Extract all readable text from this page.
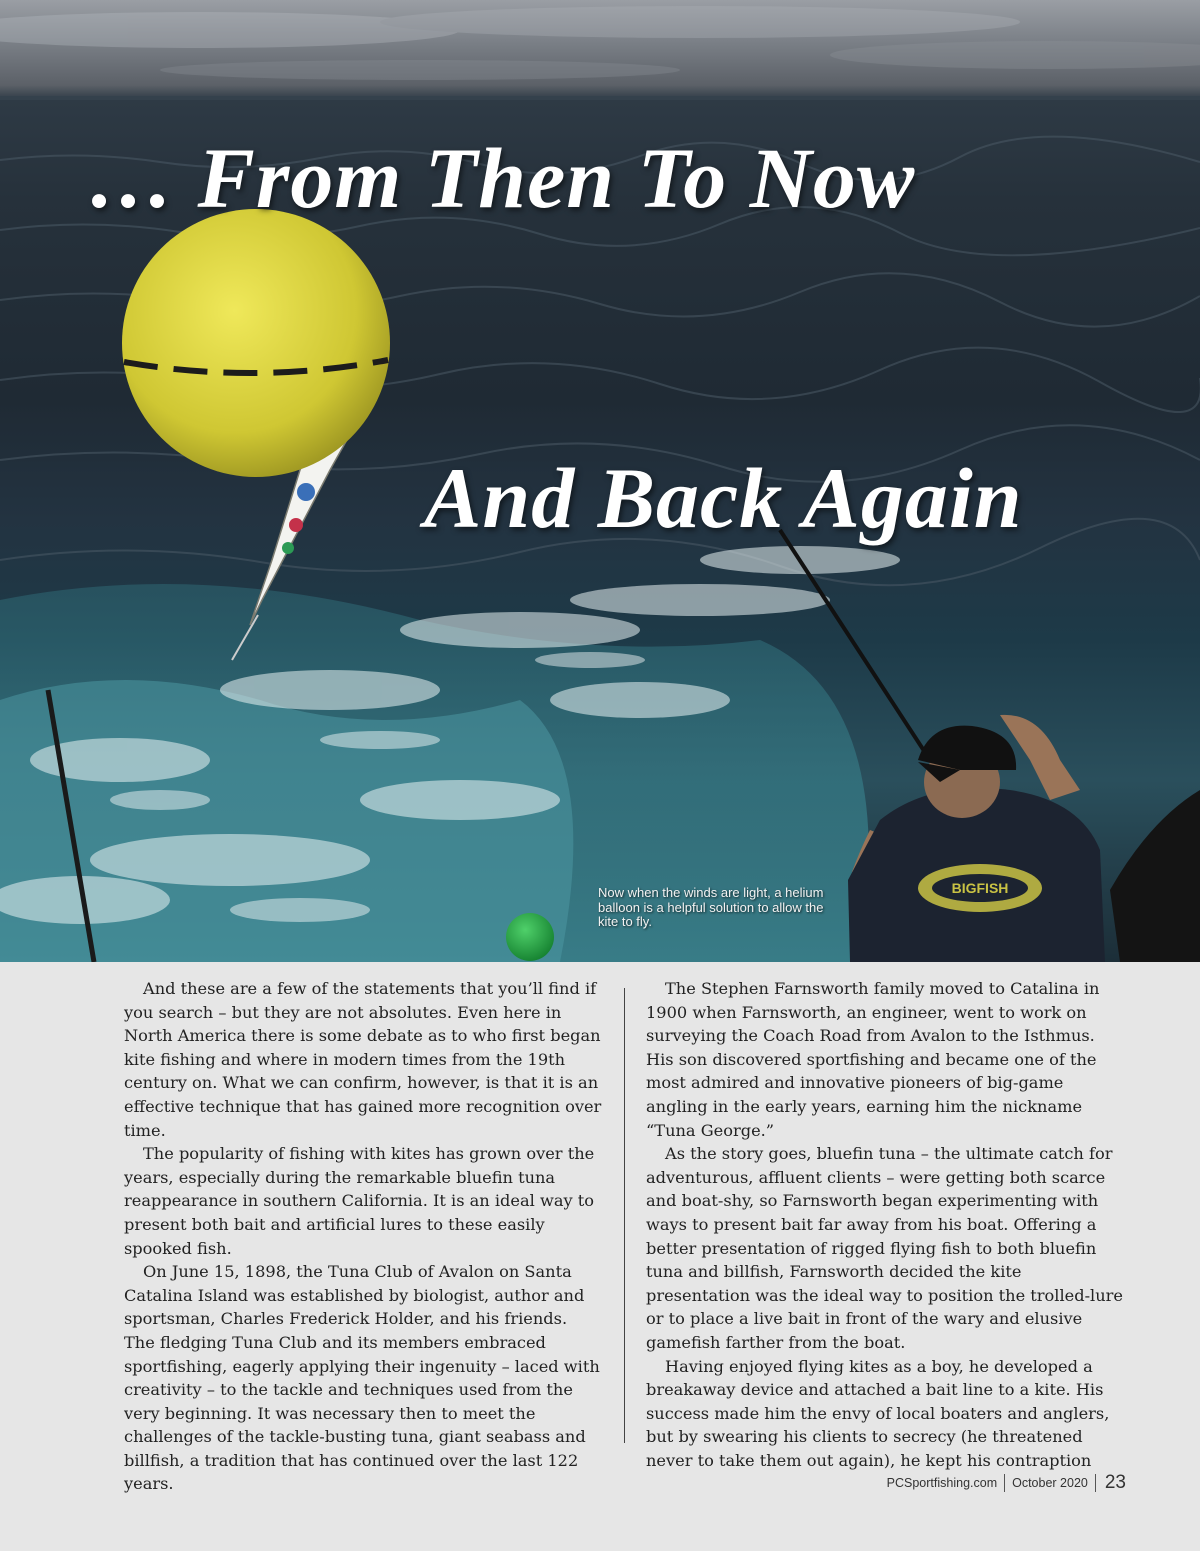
BIGFISH
… From Then To Now
And Back Again
Now when the winds are light, a helium balloon is a helpful solution to allow the kite to fly.

And these are a few of the statements that you’ll find if you search – but they are not absolutes. Even here in North America there is some debate as to who first began kite fishing and where in modern times from the 19th century on. What we can confirm, however, is that it is an effective technique that has gained more recognition over time.

The popularity of fishing with kites has grown over the years, especially during the remarkable bluefin tuna reappearance in southern California. It is an ideal way to present both bait and artificial lures to these easily spooked fish.

On June 15, 1898, the Tuna Club of Avalon on Santa Catalina Island was established by biologist, author and sportsman, Charles Frederick Holder, and his friends. The fledging Tuna Club and its members embraced sportfishing, eagerly applying their ingenuity – laced with creativity – to the tackle and techniques used from the very beginning. It was necessary then to meet the challenges of the tackle-busting tuna, giant seabass and billfish, a tradition that has continued over the last 122 years.

The Stephen Farnsworth family moved to Catalina in 1900 when Farnsworth, an engineer, went to work on surveying the Coach Road from Avalon to the Isthmus. His son discovered sportfishing and became one of the most admired and innovative pioneers of big-game angling in the early years, earning him the nickname “Tuna George.”

As the story goes, bluefin tuna – the ultimate catch for adventurous, affluent clients – were getting both scarce and boat-shy, so Farnsworth began experimenting with ways to present bait far away from his boat. Offering a better presentation of rigged flying fish to both bluefin tuna and billfish, Farnsworth decided the kite presentation was the ideal way to position the trolled-lure or to place a live bait in front of the wary and elusive gamefish farther from the boat.

Having enjoyed flying kites as a boy, he developed a breakaway device and attached a bait line to a kite. His success made him the envy of local boaters and anglers, but by swearing his clients to secrecy (he threatened never to take them out again), he kept his contraption

PCSportfishing.com October 2020 23
